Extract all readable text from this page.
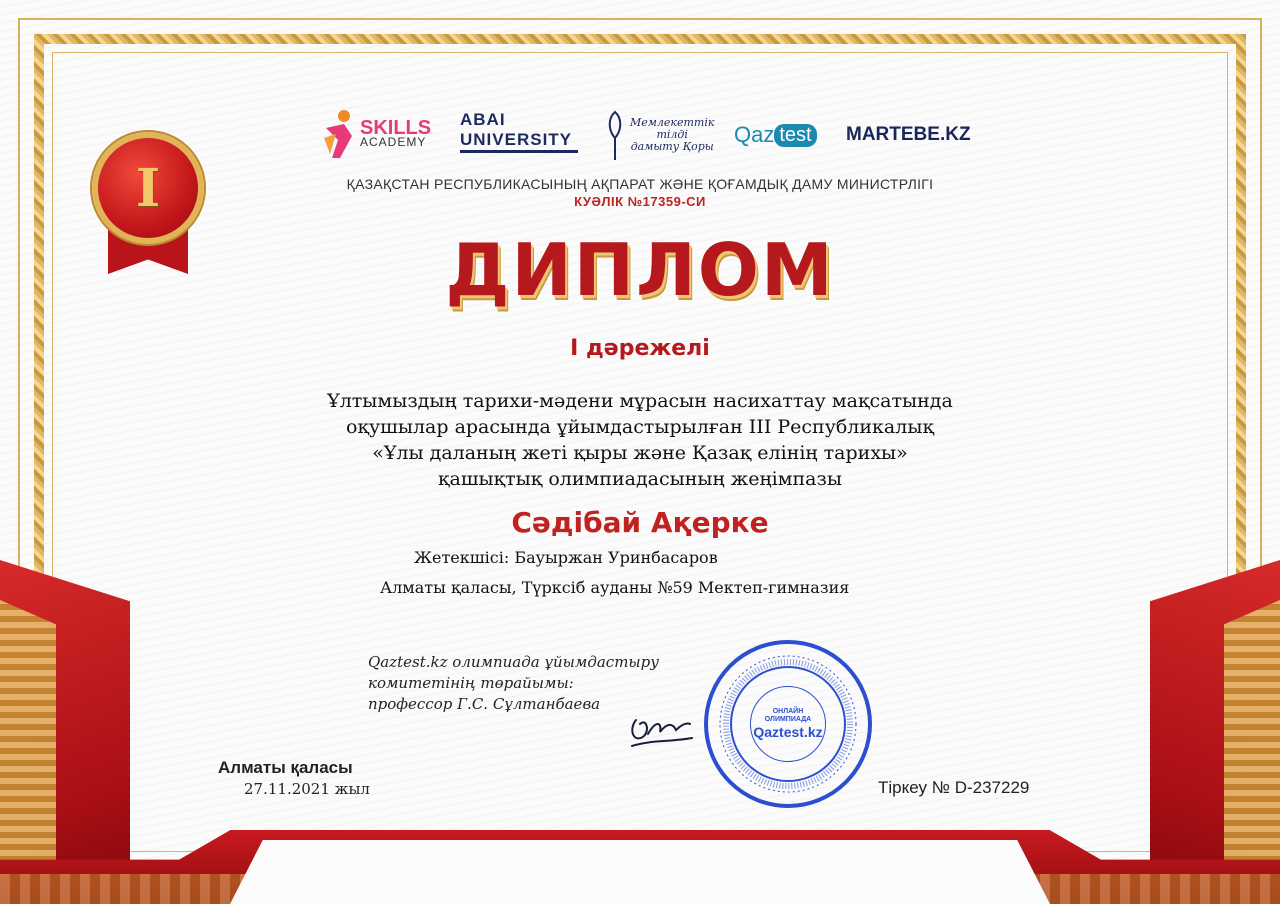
I
SKILLS
ACADEMY
ABAI UNIVERSITY

Мемлекеттік
тілді
дамыту Қоры Qaz test MARTEBE.KZ
ҚАЗАҚСТАН РЕСПУБЛИКАСЫНЫҢ АҚПАРАТ ЖӘНЕ ҚОҒАМДЫҚ ДАМУ МИНИСТРЛІГІ
КУӘЛІК №17359-СИ
ДИПЛОМ
I дәрежелі
Ұлтымыздың тарихи-мәдени мұрасын насихаттау мақсатында
оқушылар арасында ұйымдастырылған III Республикалық
«Ұлы даланың жеті қыры және Қазақ елінің тарихы»
қашықтық олимпиадасының жеңімпазы
Сәдібай Ақерке
Жетекшісі: Бауыржан Уринбасаров
Алматы қаласы, Түрксіб ауданы №59 Мектеп-гимназия
Qaztest.kz олимпиада ұйымдастыру
комитетінің төрайымы:
профессор Г.С. Сұлтанбаева	ОНЛАЙН ОЛИМПИАДА
Qaztest.kz
Алматы қаласы
27.11.2021 жыл	Тіркеу № D-237229
